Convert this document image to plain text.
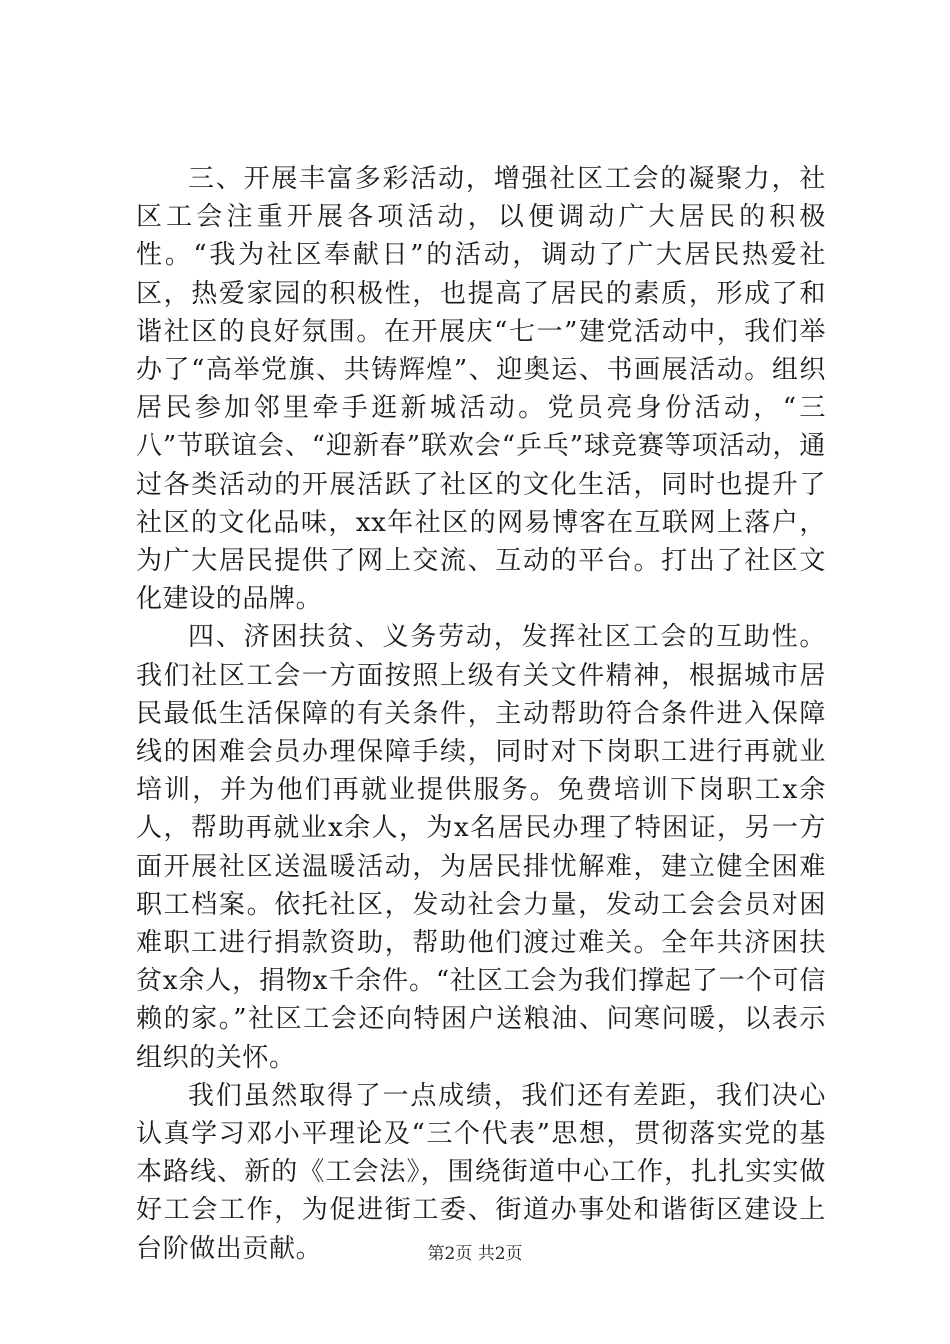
三、开展丰富多彩活动，增强社区工会的凝聚力，社区工会注重开展各项活动，以便调动广大居民的积极性。“我为社区奉献日”的活动，调动了广大居民热爱社区，热爱家园的积极性，也提高了居民的素质，形成了和谐社区的良好氛围。在开展庆“七一”建党活动中，我们举办了“高举党旗、共铸辉煌”、迎奥运、书画展活动。组织居民参加邻里牵手逛新城活动。党员亮身份活动，“三八”节联谊会、“迎新春”联欢会“乒乓”球竞赛等项活动，通过各类活动的开展活跃了社区的文化生活，同时也提升了社区的文化品味，xx年社区的网易博客在互联网上落户，为广大居民提供了网上交流、互动的平台。打出了社区文化建设的品牌。

四、济困扶贫、义务劳动，发挥社区工会的互助性。我们社区工会一方面按照上级有关文件精神，根据城市居民最低生活保障的有关条件，主动帮助符合条件进入保障线的困难会员办理保障手续，同时对下岗职工进行再就业培训，并为他们再就业提供服务。免费培训下岗职工x余人，帮助再就业x余人，为x名居民办理了特困证，另一方面开展社区送温暖活动，为居民排忧解难，建立健全困难职工档案。依托社区，发动社会力量，发动工会会员对困难职工进行捐款资助，帮助他们渡过难关。全年共济困扶贫x余人，捐物x千余件。“社区工会为我们撑起了一个可信赖的家。”社区工会还向特困户送粮油、问寒问暖，以表示组织的关怀。

我们虽然取得了一点成绩，我们还有差距，我们决心认真学习邓小平理论及“三个代表”思想，贯彻落实党的基本路线、新的《工会法》，围绕街道中心工作，扎扎实实做好工会工作，为促进街工委、街道办事处和谐街区建设上台阶做出贡献。	第2页 共2页
